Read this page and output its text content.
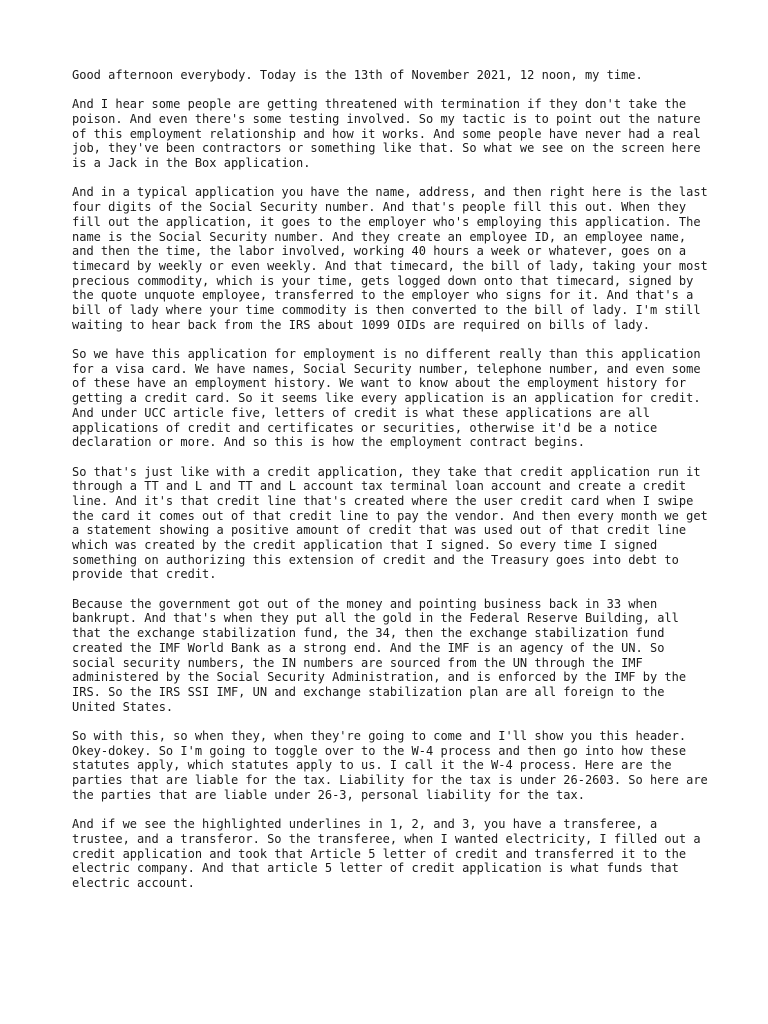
Good afternoon everybody. Today is the 13th of November 2021, 12 noon, my time.

And I hear some people are getting threatened with termination if they don't take the poison. And even there's some testing involved. So my tactic is to point out the nature of this employment relationship and how it works. And some people have never had a real job, they've been contractors or something like that. So what we see on the screen here is a Jack in the Box application.

And in a typical application you have the name, address, and then right here is the last four digits of the Social Security number. And that's people fill this out. When they fill out the application, it goes to the employer who's employing this application. The name is the Social Security number. And they create an employee ID, an employee name, and then the time, the labor involved, working 40 hours a week or whatever, goes on a timecard by weekly or even weekly. And that timecard, the bill of lady, taking your most precious commodity, which is your time, gets logged down onto that timecard, signed by the quote unquote employee, transferred to the employer who signs for it. And that's a bill of lady where your time commodity is then converted to the bill of lady. I'm still waiting to hear back from the IRS about 1099 OIDs are required on bills of lady.

So we have this application for employment is no different really than this application for a visa card. We have names, Social Security number, telephone number, and even some of these have an employment history. We want to know about the employment history for getting a credit card. So it seems like every application is an application for credit. And under UCC article five, letters of credit is what these applications are all applications of credit and certificates or securities, otherwise it'd be a notice declaration or more. And so this is how the employment contract begins.

So that's just like with a credit application, they take that credit application run it through a TT and L and TT and L account tax terminal loan account and create a credit line. And it's that credit line that's created where the user credit card when I swipe the card it comes out of that credit line to pay the vendor. And then every month we get a statement showing a positive amount of credit that was used out of that credit line which was created by the credit application that I signed. So every time I signed something on authorizing this extension of credit and the Treasury goes into debt to provide that credit.

Because the government got out of the money and pointing business back in 33 when bankrupt. And that's when they put all the gold in the Federal Reserve Building, all that the exchange stabilization fund, the 34, then the exchange stabilization fund created the IMF World Bank as a strong end. And the IMF is an agency of the UN. So social security numbers, the IN numbers are sourced from the UN through the IMF administered by the Social Security Administration, and is enforced by the IMF by the IRS. So the IRS SSI IMF, UN and exchange stabilization plan are all foreign to the United States.

So with this, so when they, when they're going to come and I'll show you this header. Okey-dokey. So I'm going to toggle over to the W-4 process and then go into how these statutes apply, which statutes apply to us. I call it the W-4 process. Here are the parties that are liable for the tax. Liability for the tax is under 26-2603. So here are the parties that are liable under 26-3, personal liability for the tax.

And if we see the highlighted underlines in 1, 2, and 3, you have a transferee, a trustee, and a transferor. So the transferee, when I wanted electricity, I filled out a credit application and took that Article 5 letter of credit and transferred it to the electric company. And that article 5 letter of credit application is what funds that electric account.
